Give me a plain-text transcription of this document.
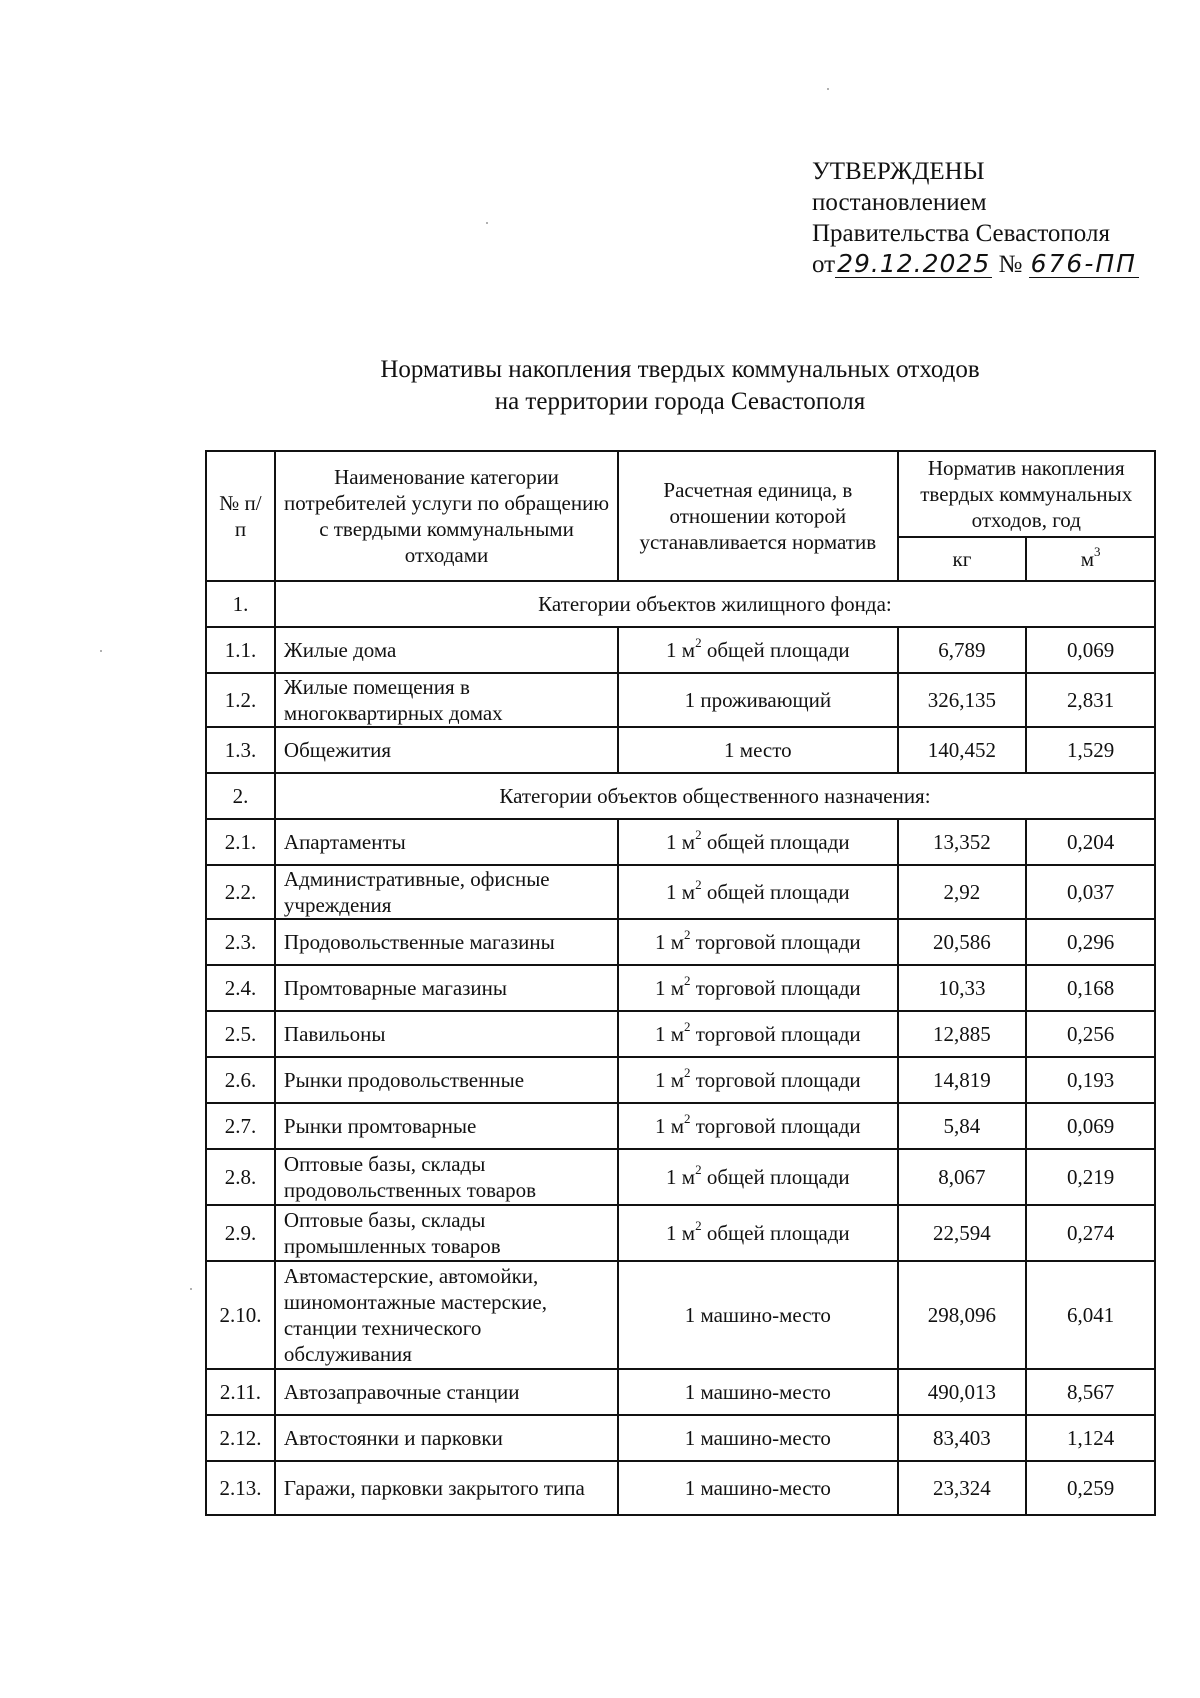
УТВЕРЖДЕНЫ
постановлением
Правительства Севастополя
от29.12.2025 № 676-ПП
Нормативы накопления твердых коммунальных отходов
на территории города Севастополя
№ п/п	Наименование категории потребителей услуги по обращению с твердыми коммунальными отходами	Расчетная единица, в отношении которой устанавливается норматив	Норматив накопления твердых коммунальных отходов, год	
			кг	$м^3$
1.	Категории объектов жилищного фонда:			
1.1.	Жилые дома	1 $м^2$ общей площади	6,789	0,069
1.2.	Жилые помещения в многоквартирных домах	1 проживающий	326,135	2,831
1.3.	Общежития	1 место	140,452	1,529
2.	Категории объектов общественного назначения:			
2.1.	Апартаменты	1 $м^2$ общей площади	13,352	0,204
2.2.	Административные, офисные учреждения	1 $м^2$ общей площади	2,92	0,037
2.3.	Продовольственные магазины	1 $м^2$ торговой площади	20,586	0,296
2.4.	Промтоварные магазины	1 $м^2$ торговой площади	10,33	0,168
2.5.	Павильоны	1 $м^2$ торговой площади	12,885	0,256
2.6.	Рынки продовольственные	1 $м^2$ торговой площади	14,819	0,193
2.7.	Рынки промтоварные	1 $м^2$ торговой площади	5,84	0,069
2.8.	Оптовые базы, склады продовольственных товаров	1 $м^2$ общей площади	8,067	0,219
2.9.	Оптовые базы, склады промышленных товаров	1 $м^2$ общей площади	22,594	0,274
2.10.	Автомастерские, автомойки, шиномонтажные мастерские, станции технического обслуживания	1 машино-место	298,096	6,041
2.11.	Автозаправочные станции	1 машино-место	490,013	8,567
2.12.	Автостоянки и парковки	1 машино-место	83,403	1,124
2.13.	Гаражи, парковки закрытого типа	1 машино-место	23,324	0,259
